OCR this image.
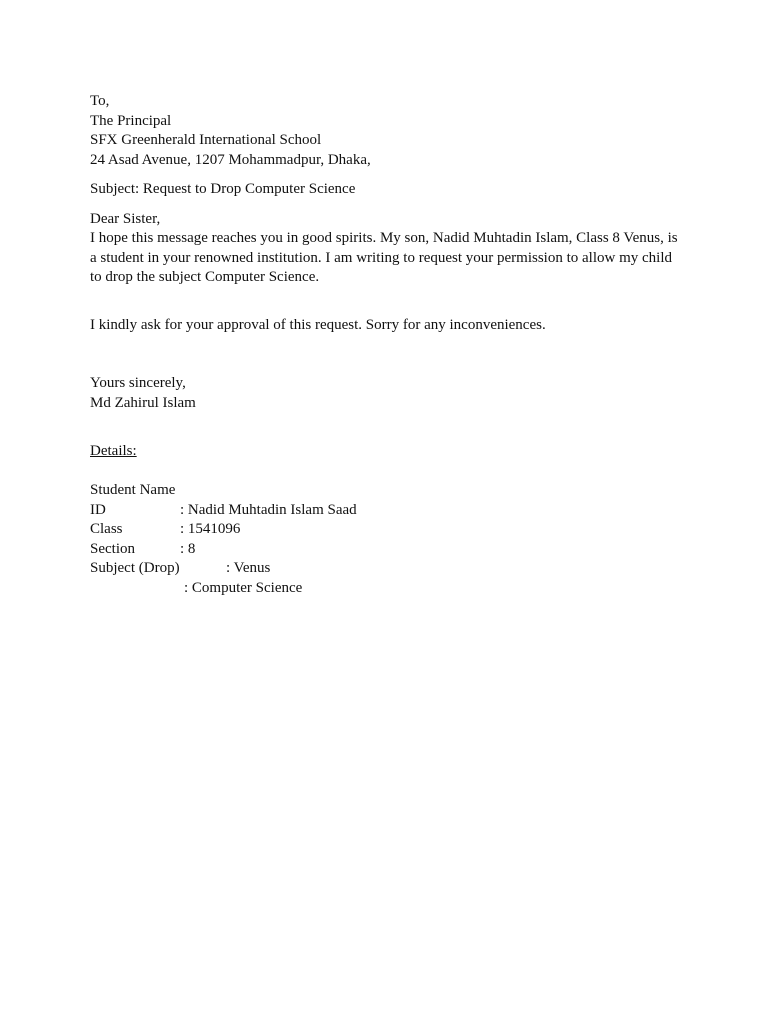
To,
The Principal
SFX Greenherald International School
24 Asad Avenue, 1207 Mohammadpur, Dhaka,
Subject: Request to Drop Computer Science
Dear Sister,
I hope this message reaches you in good spirits. My son, Nadid Muhtadin Islam, Class 8 Venus, is a student in your renowned institution. I am writing to request your permission to allow my child to drop the subject Computer Science.
I kindly ask for your approval of this request. Sorry for any inconveniences.
Yours sincerely,
Md Zahirul Islam
Details:

Student Name

: Nadid Muhtadin Islam Saad

ID

: 1541096

Class

: 8

Section

: Venus

Subject (Drop)

: Computer Science
